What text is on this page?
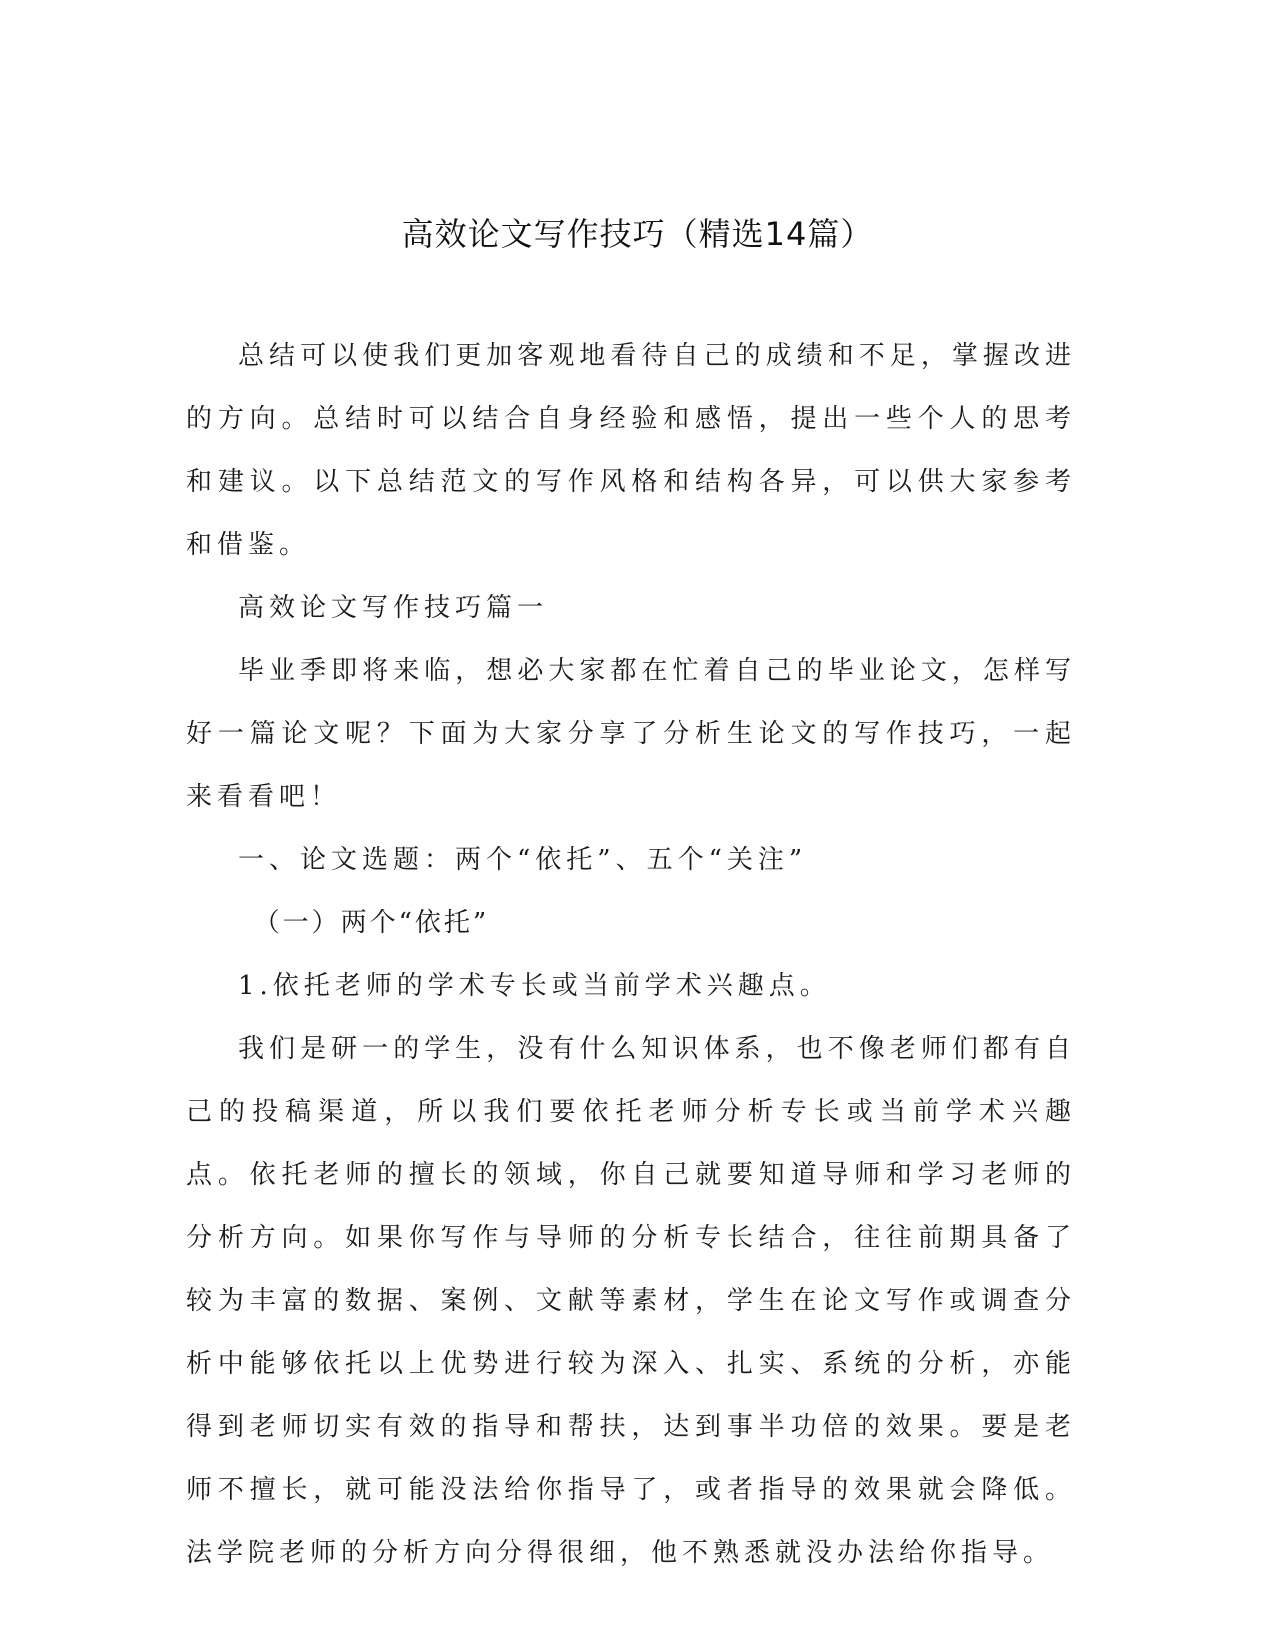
高效论文写作技巧（精选14篇）

总结可以使我们更加客观地看待自己的成绩和不足，掌握改进的方向。总结时可以结合自身经验和感悟，提出一些个人的思考和建议。以下总结范文的写作风格和结构各异，可以供大家参考和借鉴。

高效论文写作技巧篇一

毕业季即将来临，想必大家都在忙着自己的毕业论文，怎样写好一篇论文呢？下面为大家分享了分析生论文的写作技巧，一起来看看吧！

一、论文选题：两个“依托”、五个“关注”

（一）两个“依托”

1.依托老师的学术专长或当前学术兴趣点。

我们是研一的学生，没有什么知识体系，也不像老师们都有自己的投稿渠道，所以我们要依托老师分析专长或当前学术兴趣点。依托老师的擅长的领域，你自己就要知道导师和学习老师的分析方向。如果你写作与导师的分析专长结合，往往前期具备了较为丰富的数据、案例、文献等素材，学生在论文写作或调查分析中能够依托以上优势进行较为深入、扎实、系统的分析，亦能得到老师切实有效的指导和帮扶，达到事半功倍的效果。要是老师不擅长，就可能没法给你指导了，或者指导的效果就会降低。法学院老师的分析方向分得很细，他不熟悉就没办法给你指导。
